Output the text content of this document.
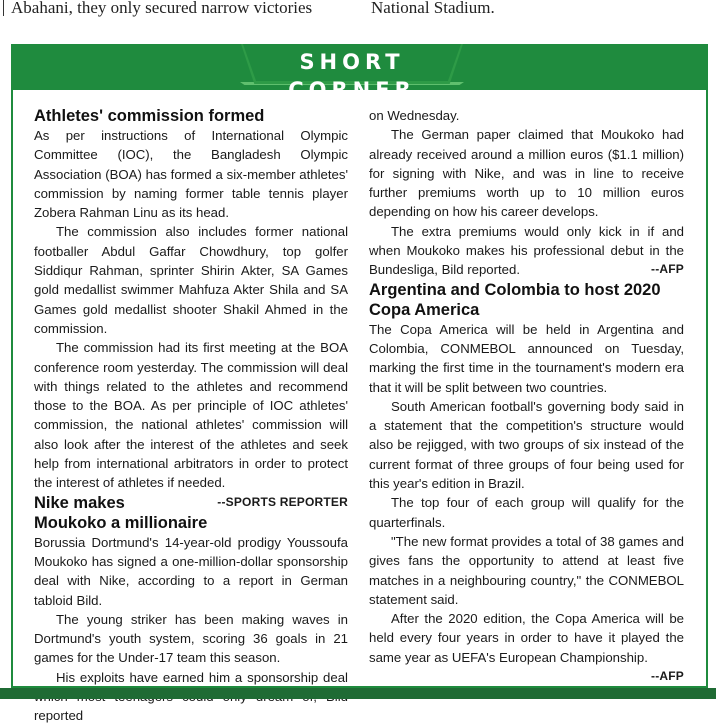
Abahani, they only secured narrow victories	National Stadium.
SHORT CORNER
Athletes' commission formed

As per instructions of International Olympic Committee (IOC), the Bangladesh Olympic Association (BOA) has formed a six-member athletes' commission by naming former table tennis player Zobera Rahman Linu as its head.

The commission also includes former national footballer Abdul Gaffar Chowdhury, top golfer Siddiqur Rahman, sprinter Shirin Akter, SA Games gold medallist swimmer Mahfuza Akter Shila and SA Games gold medallist shooter Shakil Ahmed in the commission.

The commission had its first meeting at the BOA conference room yesterday. The commission will deal with things related to the athletes and recommend those to the BOA. As per principle of IOC athletes' commission, the national athletes' commission will also look after the interest of the athletes and seek help from international arbitrators in order to protect the interest of athletes if needed.
--SPORTS REPORTER

Nike makes Moukoko a millionaire

Borussia Dortmund's 14-year-old prodigy Youssoufa Moukoko has signed a one-million-dollar sponsorship deal with Nike, according to a report in German tabloid Bild.

The young striker has been making waves in Dortmund's youth system, scoring 36 goals in 21 games for the Under-17 team this season.

His exploits have earned him a sponsorship deal reported

on Wednesday.

The German paper claimed that Moukoko had already received around a million euros ($1.1 million) for signing with Nike, and was in line to receive further premiums worth up to 10 million euros depending on how his career develops.

The extra premiums would only kick in if and when Moukoko makes his professional debut in the Bundesliga, Bild reported.	--AFP

Argentina and Colombia to host 2020 Copa America

The Copa America will be held in Argentina and Colombia, CONMEBOL announced on Tuesday, marking the first time in the tournament's modern era that it will be split between two countries.

South American football's governing body said in a statement that the competition's structure would also be rejigged, with two groups of six instead of the current format of three groups of four being used for this year's edition in Brazil.

The top four of each group will qualify for the quarterfinals.

"The new format provides a total of 38 games and gives fans the opportunity to attend at least five matches in a neighbouring country," the CONMEBOL statement said.

After the 2020 edition, the Copa America will be held every four years in order to have it played the same year as UEFA's European Championship.
--AFP
